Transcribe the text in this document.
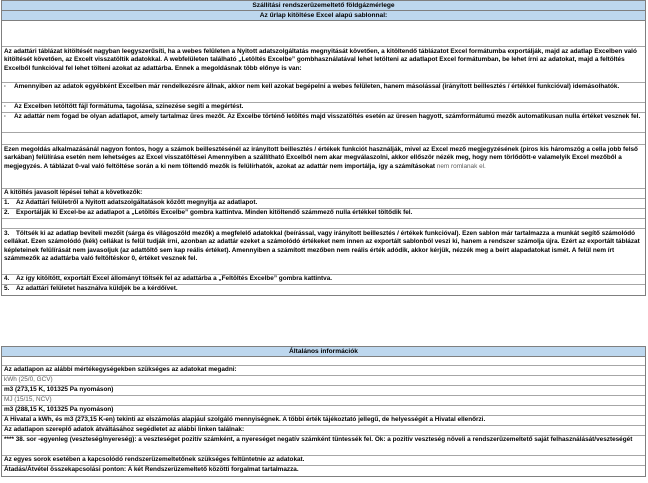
Szállítási rendszerüzemeltető földgázmérlege
Az űrlap kitöltése Excel alapú sablonnal:
Az adattári táblázat kitöltését nagyban leegyszerűsíti, ha a webes felületen a Nyitott adatszolgáltatás megnyitását követően, a kitöltendő táblázatot Excel formátumba exportálják, majd az adatlap Excelben való kitöltését követően, az Excelt visszatöltik adatokkal. A webfelületen található „Letöltés Excelbe” gombhasználatával lehet letölteni az adatlapot Excel formátumban, be lehet írni az adatokat, majd a feltöltés Excelből funkcióval fel lehet tölteni azokat az adattárba. Ennek a megoldásnak több előnye is van:
· Amennyiben az adatok egyébként Excelben már rendelkezésre állnak, akkor nem kell azokat begépelni a webes felületen, hanem másolással (irányított beillesztés / értékkel funkcióval) idemásolhatók.
· Az Excelben letöltött fájl formátuma, tagolása, színezése segíti a megértést.
· Az adattár nem fogad be olyan adatlapot, amely tartalmaz üres mezőt. Az Excelbe történő letöltés majd visszatöltés esetén az üresen hagyott, számformátumú mezők automatikusan nulla értéket vesznek fel.
Ezen megoldás alkalmazásánál nagyon fontos, hogy a számok beillesztésénél az irányított beillesztés / értékek funkciót használják, mivel az Excel mező megjegyzésének (piros kis háromszög a cella jobb felső sarkában) felülírása esetén nem lehetséges az Excel visszatöltései Amennyiben a szállítható Excelből nem akar megválaszolni, akkor ellőször nézék meg, hogy nem törlődött-e valamelyik Excel mezőből a megjegyzés. A táblázat 0-val való feltöltése során a ki nem töltendő mezők is felülírhatók, azokat az adattár nem importálja, így a számításokat nem romlanak el.
A kitöltés javasolt lépései tehát a következők:
1. Az Adattári felületről a Nyitott adatszolgáltatások között megnyitja az adatlapot.
2. Exportálják ki Excel-be az adatlapot a „Letöltés Excelbe” gombra kattintva. Minden kitöltendő számmező nulla értékkel töltődik fel.
3. Töltsék ki az adatlap beviteli mezőit (sárga és világoszöld mezők) a megfelelő adatokkal (beírással, vagy irányított beillesztés / értékek funkcióval). Ezen sablon már tartalmazza a munkát segítő számolódó cellákat. Ezen számolódó (kék) cellákat is felül tudják írni, azonban az adattár ezeket a számolódó értékeket nem innen az exportált sablonból veszi ki, hanem a rendszer számolja újra. Ezért az exportált táblázat képleteinek felülírását nem javasoljuk (az adattöltő sem kap reális értéket). Amennyiben a számított mezőben nem reális érték adódik, akkor kérjük, nézzék meg a beírt alapadatokat ismét. A felül nem írt számmezők az adattárba való feltöltéskor 0, értéket vesznek fel.
4. Az így kitöltött, exportált Excel állományt töltsék fel az adattárba a „Feltöltés Excelbe” gombra kattintva.
5. Az adattári felületet használva küldjék be a kérdőívet.
Általános információk
Az adatlapon az alábbi mértékegységekben szükséges az adatokat megadni:
kWh (25/0, GCV)
m3 (273,15 K, 101325 Pa nyomáson)
MJ (15/15, NCV)
m3 (288,15 K, 101325 Pa nyomáson)
A Hivatal a kWh, és m3 (273,15 K-en) tekinti az elszámolás alapjául szolgáló mennyiségnek. A többi érték tájékoztató jellegű, de helyességét a Hivatal ellenőrzi.
Az adatlapon szereplő adatok átváltásához segédletet az alábbi linken találnak:
**** 38. sor -egyenleg (veszteség/nyereség): a veszteséget pozitív számként, a nyereséget negatív számként tüntessék fel. Ok: a pozitív veszteség növeli a rendszerüzemeltető saját felhasználását/veszteségét
Az egyes sorok esetében a kapcsolódó rendszerüzemeltetőnek szükséges feltüntetnie az adatokat.
Átadás/Átvétel összekapcsolási ponton: A két Rendszerüzemeltető közötti forgalmat tartalmazza.
